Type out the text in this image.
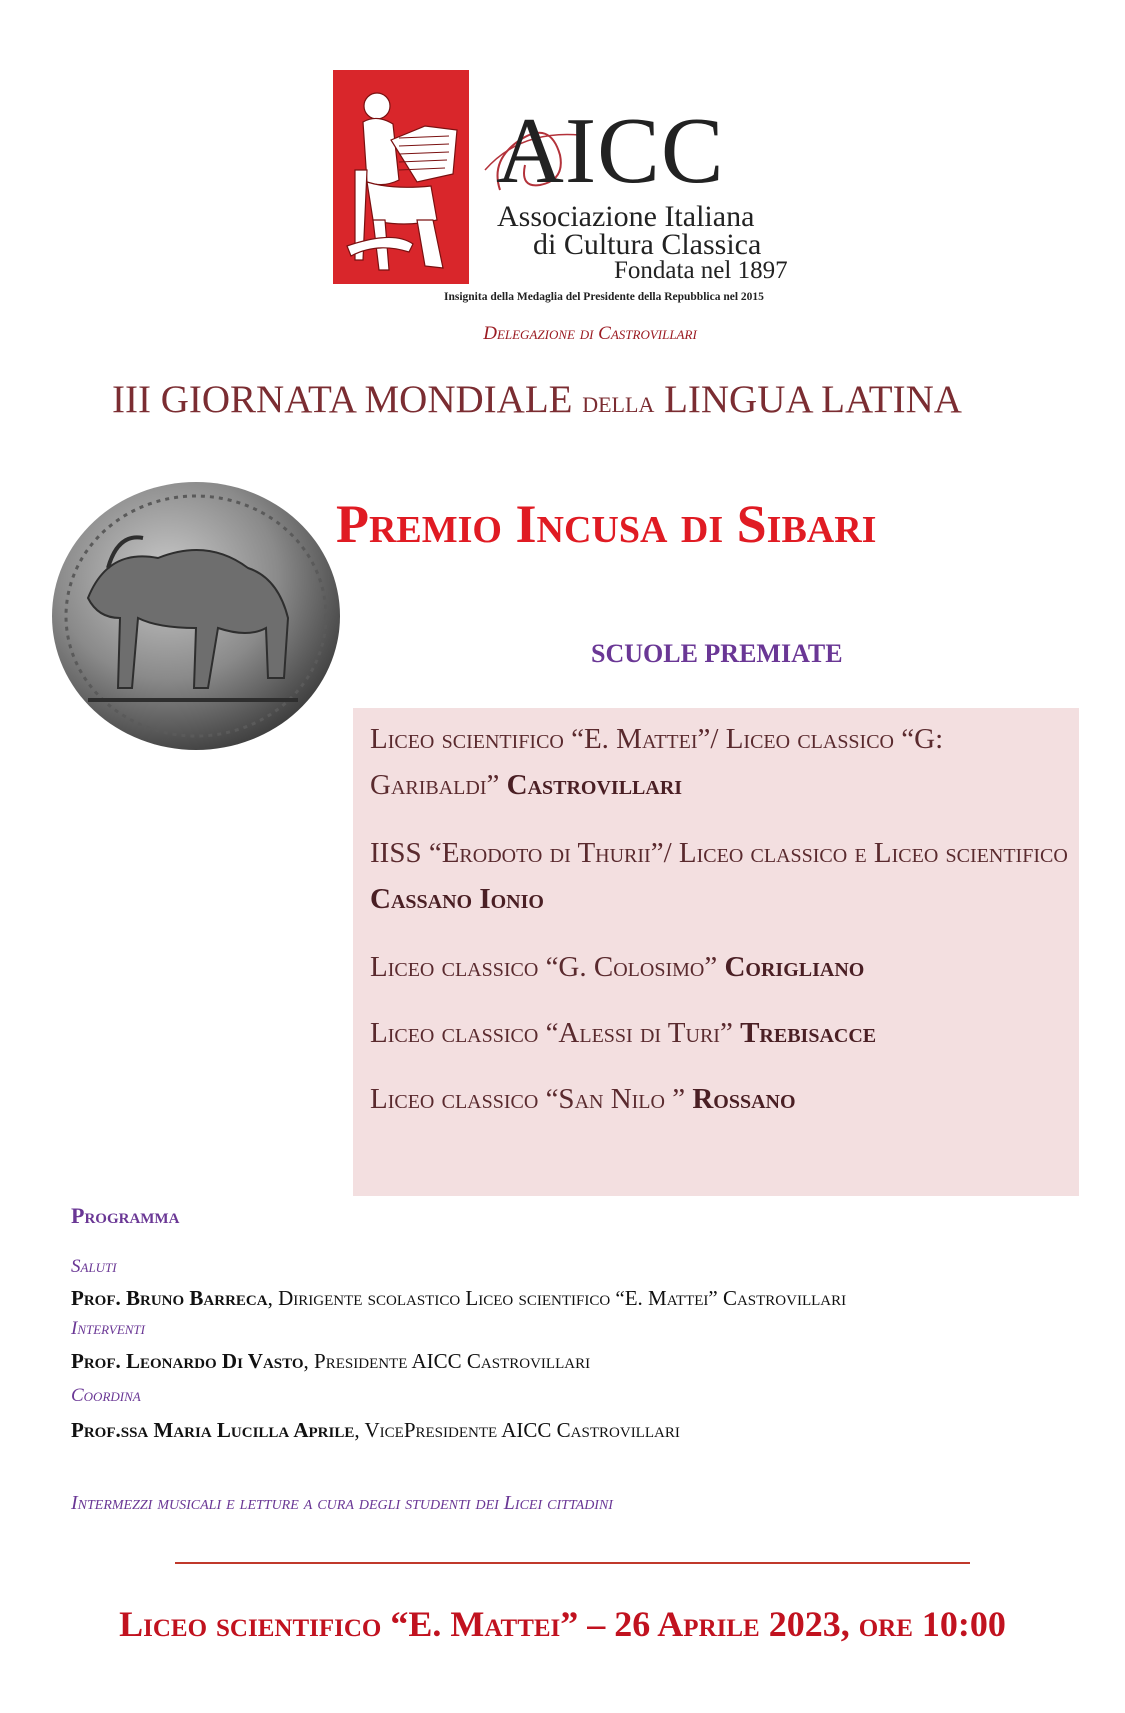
AICC
Associazione Italiana
di Cultura Classica
Fondata nel 1897
Insignita della Medaglia del Presidente della Repubblica nel 2015
Delegazione di Castrovillari
III GIORNATA MONDIALE della LINGUA LATINA
Premio Incusa di Sibari
SCUOLE PREMIATE
Liceo scientifico “E. Mattei”/ Liceo classico “G: Garibaldi” Castrovillari
IISS “Erodoto di Thurii”/ Liceo classico e Liceo scientifico Cassano Ionio
Liceo classico “G. Colosimo” Corigliano
Liceo classico “Alessi di Turi” Trebisacce
Liceo classico “San Nilo ” Rossano
Programma
Saluti
Prof. Bruno Barreca, Dirigente scolastico Liceo scientifico “E. Mattei” Castrovillari
Interventi
Prof. Leonardo Di Vasto, Presidente AICC Castrovillari
Coordina
Prof.ssa Maria Lucilla Aprile, VicePresidente AICC Castrovillari
Intermezzi musicali e letture a cura degli studenti dei Licei cittadini
Liceo scientifico “E. Mattei” – 26 Aprile 2023, ore 10:00
